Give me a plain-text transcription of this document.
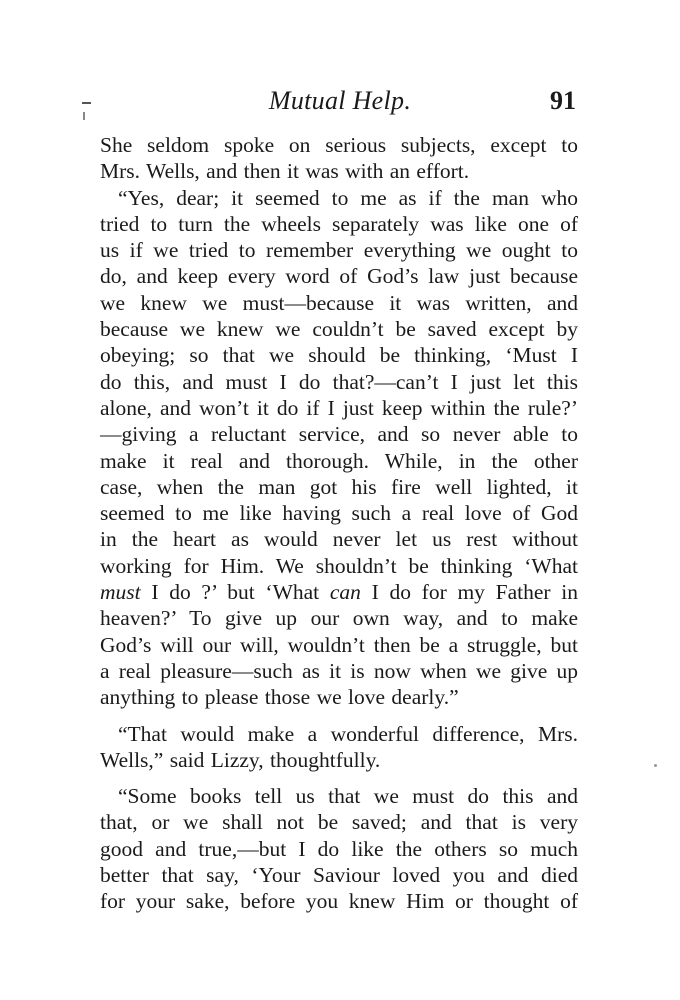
Mutual Help.	91
She seldom spoke on serious subjects, except to
Mrs. Wells, and then it was with an effort.
“Yes, dear; it seemed to me as if the man who
tried to turn the wheels separately was like one of
us if we tried to remember everything we ought to
do, and keep every word of God’s law just because
we knew we must—because it was written, and
because we knew we couldn’t be saved except by
obeying; so that we should be thinking, ‘Must I
do this, and must I do that?—can’t I just let this
alone, and won’t it do if I just keep within the rule?’
—giving a reluctant service, and so never able to
make it real and thorough. While, in the other
case, when the man got his fire well lighted, it
seemed to me like having such a real love of God
in the heart as would never let us rest without
working for Him. We shouldn’t be thinking ‘What
must I do ?’ but ‘What can I do for my Father in
heaven?’ To give up our own way, and to make
God’s will our will, wouldn’t then be a struggle, but
a real pleasure—such as it is now when we give up
anything to please those we love dearly.”
“That would make a wonderful difference, Mrs.
Wells,” said Lizzy, thoughtfully.
“Some books tell us that we must do this and
that, or we shall not be saved; and that is very
good and true,—but I do like the others so much
better that say, ‘Your Saviour loved you and died
for your sake, before you knew Him or thought of
